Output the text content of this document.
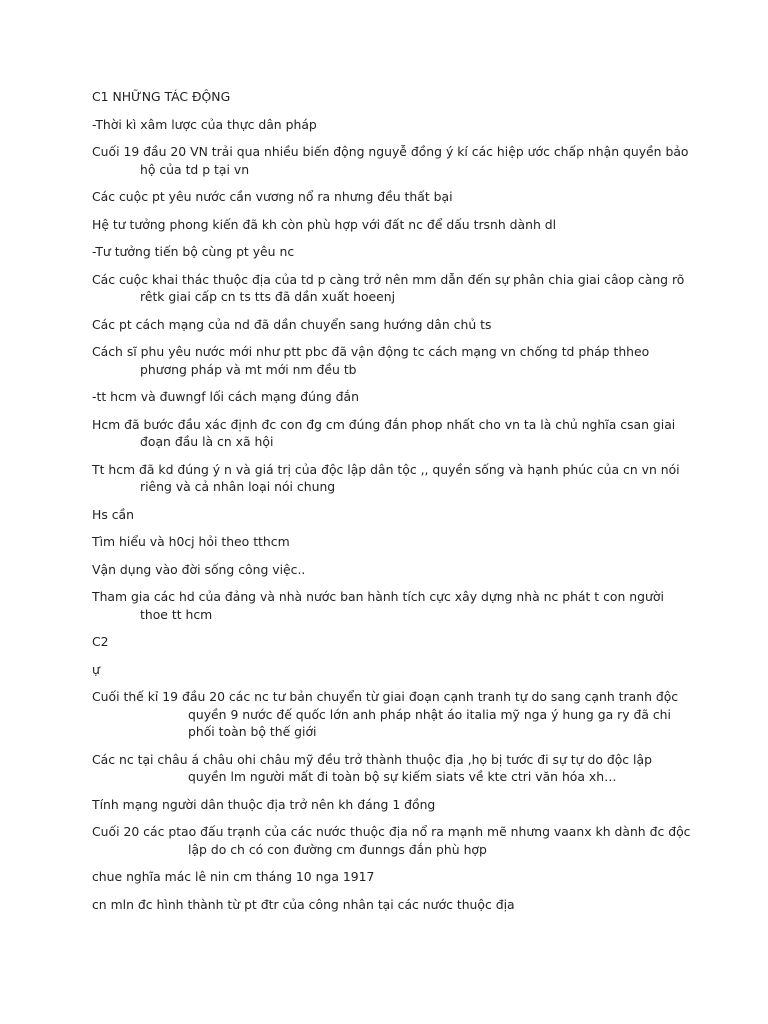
C1 NHỮNG TÁC ĐỘNG

-Thời kì xâm lược của thực dân pháp

Cuối 19 đầu 20 VN trải qua nhiều biến động nguyễ đồng ý kí các hiệp ước chấp nhận quyền bảo hộ của td p tại vn

Các cuộc pt yêu nước cần vương nổ ra nhưng đều thất bại

Hệ tư tưởng phong kiến đã kh còn phù hợp với đất nc để dấu trsnh dành dl

-Tư tưởng tiến bộ cùng pt yêu nc

Các cuộc khai thác thuộc địa của td p càng trở nên mm dẫn đến sự phân chia giai câop càng rõ rêtk giai cấp cn ts tts đã dần xuất hoeenj

Các pt cách mạng của nd đã dần chuyển sang hướng dân chủ ts

Cách sĩ phu yêu nước mới như ptt pbc đã vận động tc cách mạng vn chống td pháp thheo phương pháp và mt mới nm đều tb

-tt hcm và đuwngf lối cách mạng đúng đắn

Hcm đã bước đầu xác định đc con đg cm đúng đắn phop nhất cho vn ta là chủ nghĩa csan giai đoạn đầu là cn xã hội

Tt hcm đã kd đúng ý n và giá trị của độc lập dân tộc ,, quyền sống và hạnh phúc của cn vn nói riêng và cả nhân loại nói chung

Hs cần

Tìm hiểu và h0cj hỏi theo tthcm

Vận dụng vào đời sống công việc..

Tham gia các hd của đảng và nhà nước ban hành tích cực xây dựng nhà nc phát t con người thoe tt hcm

C2

ự

Cuối thế kỉ 19 đầu 20 các nc tư bản chuyển từ giai đoạn cạnh tranh tự do sang cạnh tranh độc quyền 9 nước đế quốc lớn anh pháp nhật áo italia mỹ nga ý hung ga ry đã chi phối toàn bộ thế giới

Các nc tại châu á châu ohi châu mỹ đều trở thành thuộc địa ,họ bị tước đi sự tự do độc lập quyền lm người mất đi toàn bộ sự kiếm siats về kte ctri văn hóa xh…

Tính mạng người dân thuộc địa trở nên kh đáng 1 đồng

Cuối 20 các ptao đấu trạnh của các nước thuộc địa nổ ra mạnh mẽ nhưng vaanx kh dành đc độc lập do ch có con đường cm đunngs đắn phù hợp

chue nghĩa mác lê nin cm tháng 10 nga 1917

cn mln đc hình thành từ pt đtr của công nhân tại các nước thuộc địa
